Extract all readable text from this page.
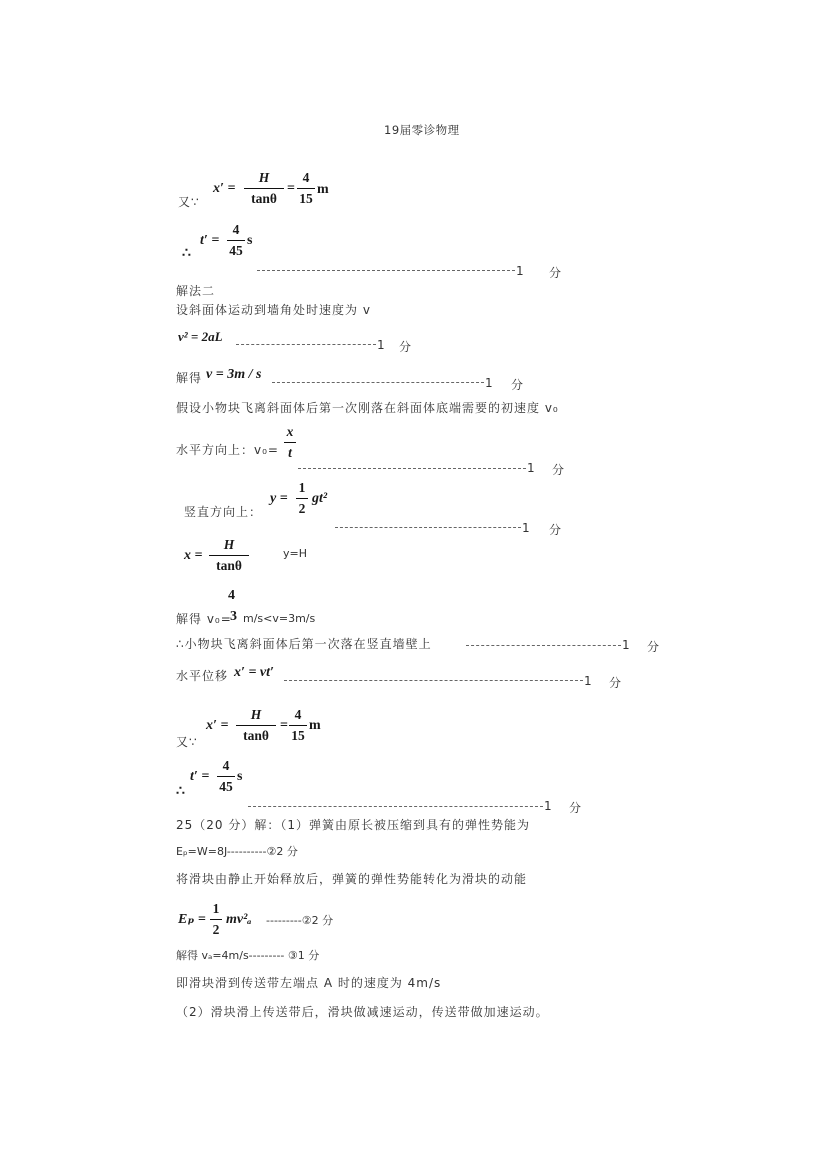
19届零诊物理
x′ =
H
tanθ
=
4
15
m
又∵
t′ =
4
45
s
∴
1 分
解法二
设斜面体运动到墙角处时速度为 v
v² = 2aL
1 分
解得 v = 3m / s
1 分
假设小物块飞离斜面体后第一次刚落在斜面体底端需要的初速度 v₀
水平方向上：v₀=
x
t
1 分
竖直方向上：
y =
1
2
gt²
1 分
x =
H
tanθ
y=H
4
解得 v₀=
3 m/s<v=3m/s
∴小物块飞离斜面体后第一次落在竖直墙壁上	1 分
水平位移 x′ = vt′
1 分
x′ =
H
tanθ
=
4
15
m
又∵
t′ =
4
45
s
∴
1 分
25（20 分）解：（1）弹簧由原长被压缩到具有的弹性势能为
Eₚ=W=8J----------②2 分
将滑块由静止开始释放后，弹簧的弹性势能转化为滑块的动能
Eₚ =
1
2
mv²ₐ ---------②2 分
解得 vₐ=4m/s--------- ③1 分
即滑块滑到传送带左端点 A 时的速度为 4m/s
（2）滑块滑上传送带后，滑块做减速运动，传送带做加速运动。
